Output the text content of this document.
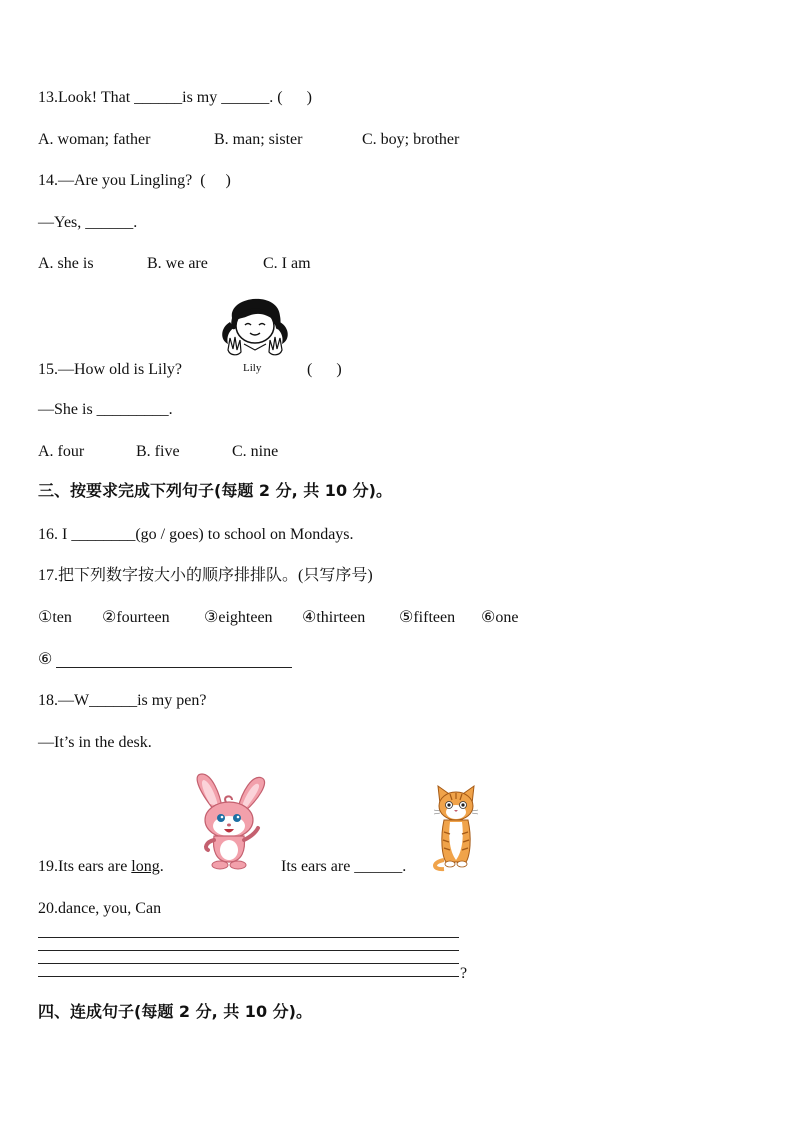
13.Look! That ______is my ______. (      )
A. woman; father	B. man; sister	C. boy; brother
14.—Are you Lingling?  (     )
—Yes, ______.
A. she is	B. we are	C. I am
Lily
15.—How old is Lily?	(      )
—She is _________.
A. four	B. five	C. nine
三、按要求完成下列句子(每题 2 分, 共 10 分)。
16. I ________(go / goes) to school on Mondays.
17.把下列数字按大小的顺序排排队。(只写序号)
①ten ②fourteen ③eighteen ④thirteen ⑤fifteen ⑥one
⑥
18.—W______is my pen?
—It’s in the desk.
19.Its ears are long.	Its ears are ______.
20.dance, you, Can
?
四、连成句子(每题 2 分, 共 10 分)。
